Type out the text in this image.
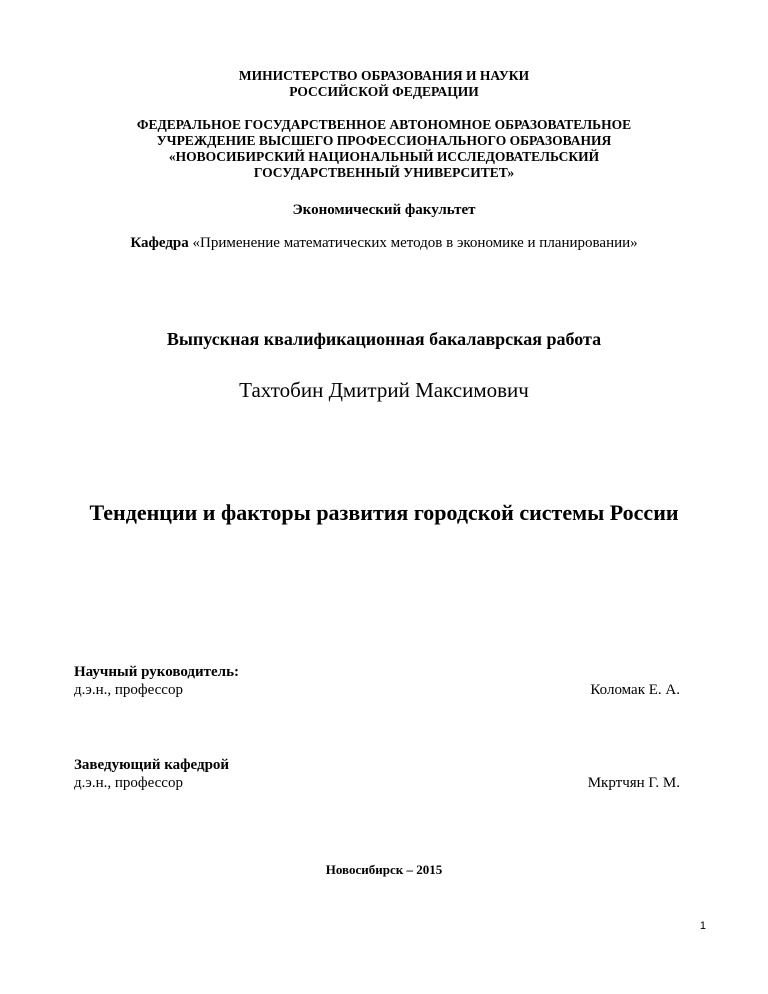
МИНИСТЕРСТВО ОБРАЗОВАНИЯ И НАУКИ
РОССИЙСКОЙ ФЕДЕРАЦИИ
ФЕДЕРАЛЬНОЕ ГОСУДАРСТВЕННОЕ АВТОНОМНОЕ ОБРАЗОВАТЕЛЬНОЕ
УЧРЕЖДЕНИЕ ВЫСШЕГО ПРОФЕССИОНАЛЬНОГО ОБРАЗОВАНИЯ
«НОВОСИБИРСКИЙ НАЦИОНАЛЬНЫЙ ИССЛЕДОВАТЕЛЬСКИЙ
ГОСУДАРСТВЕННЫЙ УНИВЕРСИТЕТ»
Экономический факультет
Кафедра «Применение математических методов в экономике и планировании»
Выпускная квалификационная бакалаврская работа
Тахтобин Дмитрий Максимович
Тенденции и факторы развития городской системы России
Научный руководитель:
д.э.н., профессор	Коломак Е. А.
Заведующий кафедрой
д.э.н., профессор	Мкртчян Г. М.
Новосибирск – 2015
1
